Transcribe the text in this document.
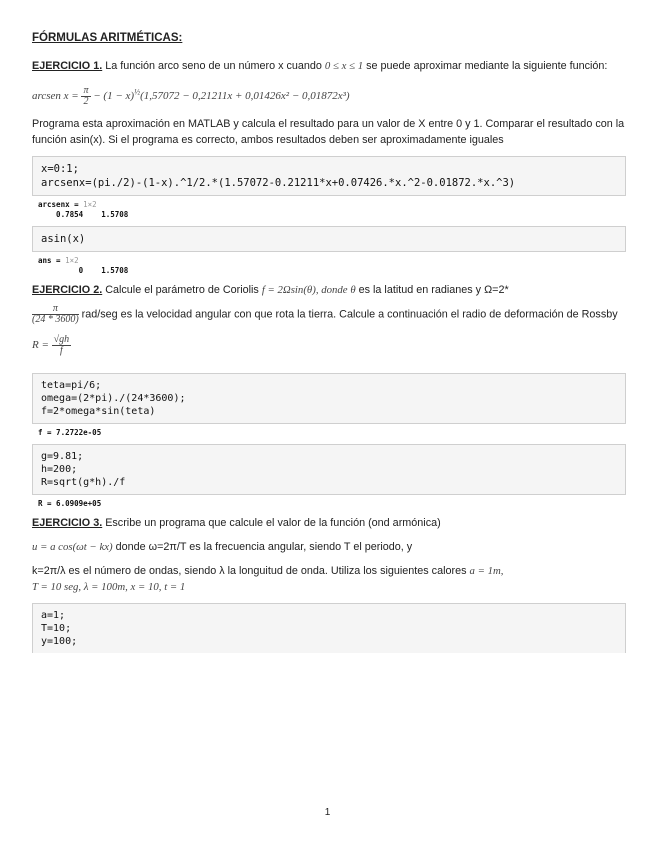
FÓRMULAS ARITMÉTICAS:

EJERCICIO 1. La función arco seno de un número x cuando 0 ≤ x ≤ 1 se puede aproximar mediante la siguiente función:

arcsen $x = \frac{\pi}{2} - (1 - x)^{\frac{1}{2}}(1,57072 - 0,21211x + 0,01426x^2 - 0,01872x^3)$

Programa esta aproximación en MATLAB y calcula el resultado para un valor de X entre 0 y 1. Comparar el resultado con la función asin(x). Si el programa es correcto, ambos resultados deben ser aproximadamente iguales

x=0:1;
arcsenx=(pi./2)-(1-x).^1/2.*(1.57072-0.21211*x+0.07426.*x.^2-0.01872.*x.^3)
arcsenx = 1×2
0.7854    1.5708
asin(x)
ans = 1×2
0    1.5708

EJERCICIO 2. Calcule el parámetro de Coriolis f = 2Ωsin(θ), donde θ es la latitud en radianes y Ω=2*

$\frac{\pi}{(24 * 3600)} rad/seg$ es la velocidad angular con que rota la tierra. Calcule a continuación el radio de deformación de Rossby

$R = \frac{√gh}{f}$
teta=pi/6;
omega=(2*pi)./(24*3600);
f=2*omega*sin(teta)
f = 7.2722e-05
g=9.81;
h=200;
R=sqrt(g*h)./f
R = 6.0909e+05

EJERCICIO 3. Escribe un programa que calcule el valor de la función (ond armónica)

u = a cos(ωt − kx) donde ω=2π/T es la frecuencia angular, siendo T el periodo, y

k=2π/λ es el número de ondas, siendo λ la longuitud de onda. Utiliza los siguientes calores a = 1m,

T = 10 seg, λ = 100m, x = 10, t = 1

a=1;
T=10;
y=100;
1
